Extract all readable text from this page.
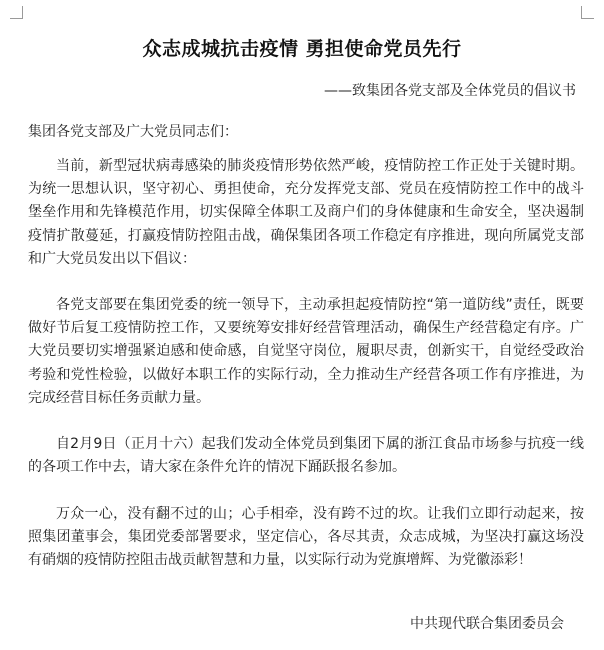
众志成城抗击疫情 勇担使命党员先行
——致集团各党支部及全体党员的倡议书
集团各党支部及广大党员同志们：

当前，新型冠状病毒感染的肺炎疫情形势依然严峻，疫情防控工作正处于关键时期。为统一思想认识，坚守初心、勇担使命，充分发挥党支部、党员在疫情防控工作中的战斗堡垒作用和先锋模范作用，切实保障全体职工及商户们的身体健康和生命安全，坚决遏制疫情扩散蔓延，打赢疫情防控阻击战，确保集团各项工作稳定有序推进，现向所属党支部和广大党员发出以下倡议：

各党支部要在集团党委的统一领导下，主动承担起疫情防控“第一道防线”责任，既要做好节后复工疫情防控工作，又要统筹安排好经营管理活动，确保生产经营稳定有序。广大党员要切实增强紧迫感和使命感，自觉坚守岗位，履职尽责，创新实干，自觉经受政治考验和党性检验，以做好本职工作的实际行动，全力推动生产经营各项工作有序推进，为完成经营目标任务贡献力量。

自2月9日（正月十六）起我们发动全体党员到集团下属的浙江食品市场参与抗疫一线的各项工作中去，请大家在条件允许的情况下踊跃报名参加。

万众一心，没有翻不过的山；心手相牵，没有跨不过的坎。让我们立即行动起来，按照集团董事会，集团党委部署要求，坚定信心，各尽其责，众志成城，为坚决打赢这场没有硝烟的疫情防控阻击战贡献智慧和力量，以实际行动为党旗增辉、为党徽添彩！

中共现代联合集团委员会
